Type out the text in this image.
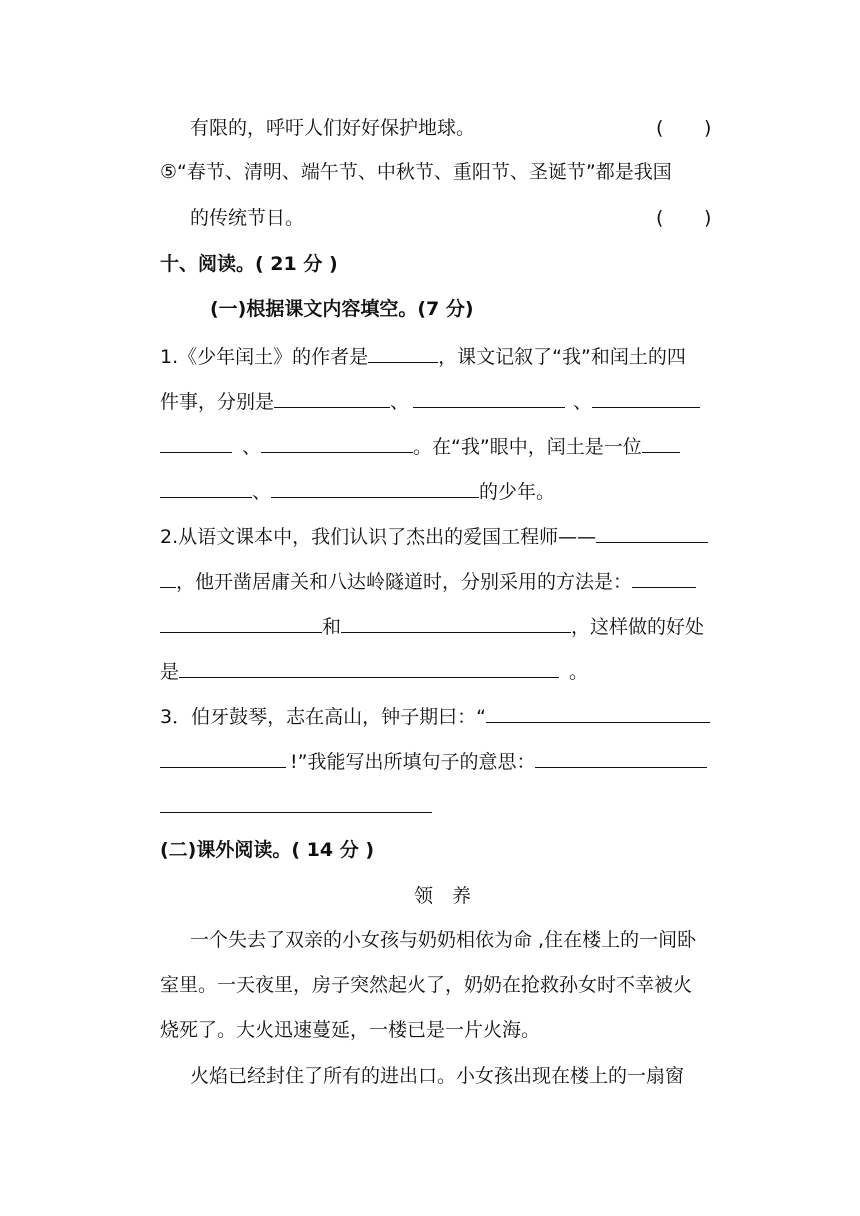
有限的，呼吁人们好好保护地球。	( )
⑤“春节、清明、端午节、中秋节、重阳节、圣诞节”都是我国
的传统节日。	( )
十、阅读。( 21 分 )
(一)根据课文内容填空。(7 分)
1.《少年闰土》的作者是	，课文记叙了“我”和闰土的四
件事，分别是	、	、
、	。在“我”眼中，闰土是一位
、	的少年。
2.从语文课本中，我们认识了杰出的爱国工程师——
，他开凿居庸关和八达岭隧道时，分别采用的方法是：
和	，这样做的好处
是	。
3．伯牙鼓琴，志在高山，钟子期曰：“
!”我能写出所填句子的意思：
(二)课外阅读。( 14 分 )
领　养
一个失去了双亲的小女孩与奶奶相依为命 ,住在楼上的一间卧
室里。一天夜里，房子突然起火了，奶奶在抢救孙女时不幸被火
烧死了。大火迅速蔓延，一楼已是一片火海。
火焰已经封住了所有的进出口。小女孩出现在楼上的一扇窗
